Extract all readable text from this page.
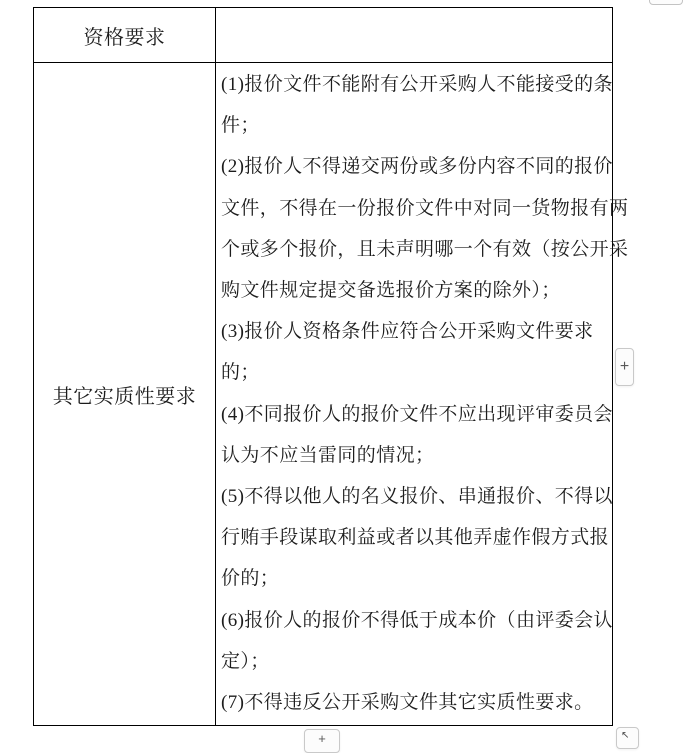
资格要求
其它实质性要求
(1)报价文件不能附有公开采购人不能接受的条
件；
(2)报价人不得递交两份或多份内容不同的报价
文件，不得在一份报价文件中对同一货物报有两
个或多个报价，且未声明哪一个有效（按公开采
购文件规定提交备选报价方案的除外）；
(3)报价人资格条件应符合公开采购文件要求
的；
(4)不同报价人的报价文件不应出现评审委员会
认为不应当雷同的情况；
(5)不得以他人的名义报价、串通报价、不得以
行贿手段谋取利益或者以其他弄虚作假方式报
价的；
(6)报价人的报价不得低于成本价（由评委会认
定）；
(7)不得违反公开采购文件其它实质性要求。
+
+	↖
